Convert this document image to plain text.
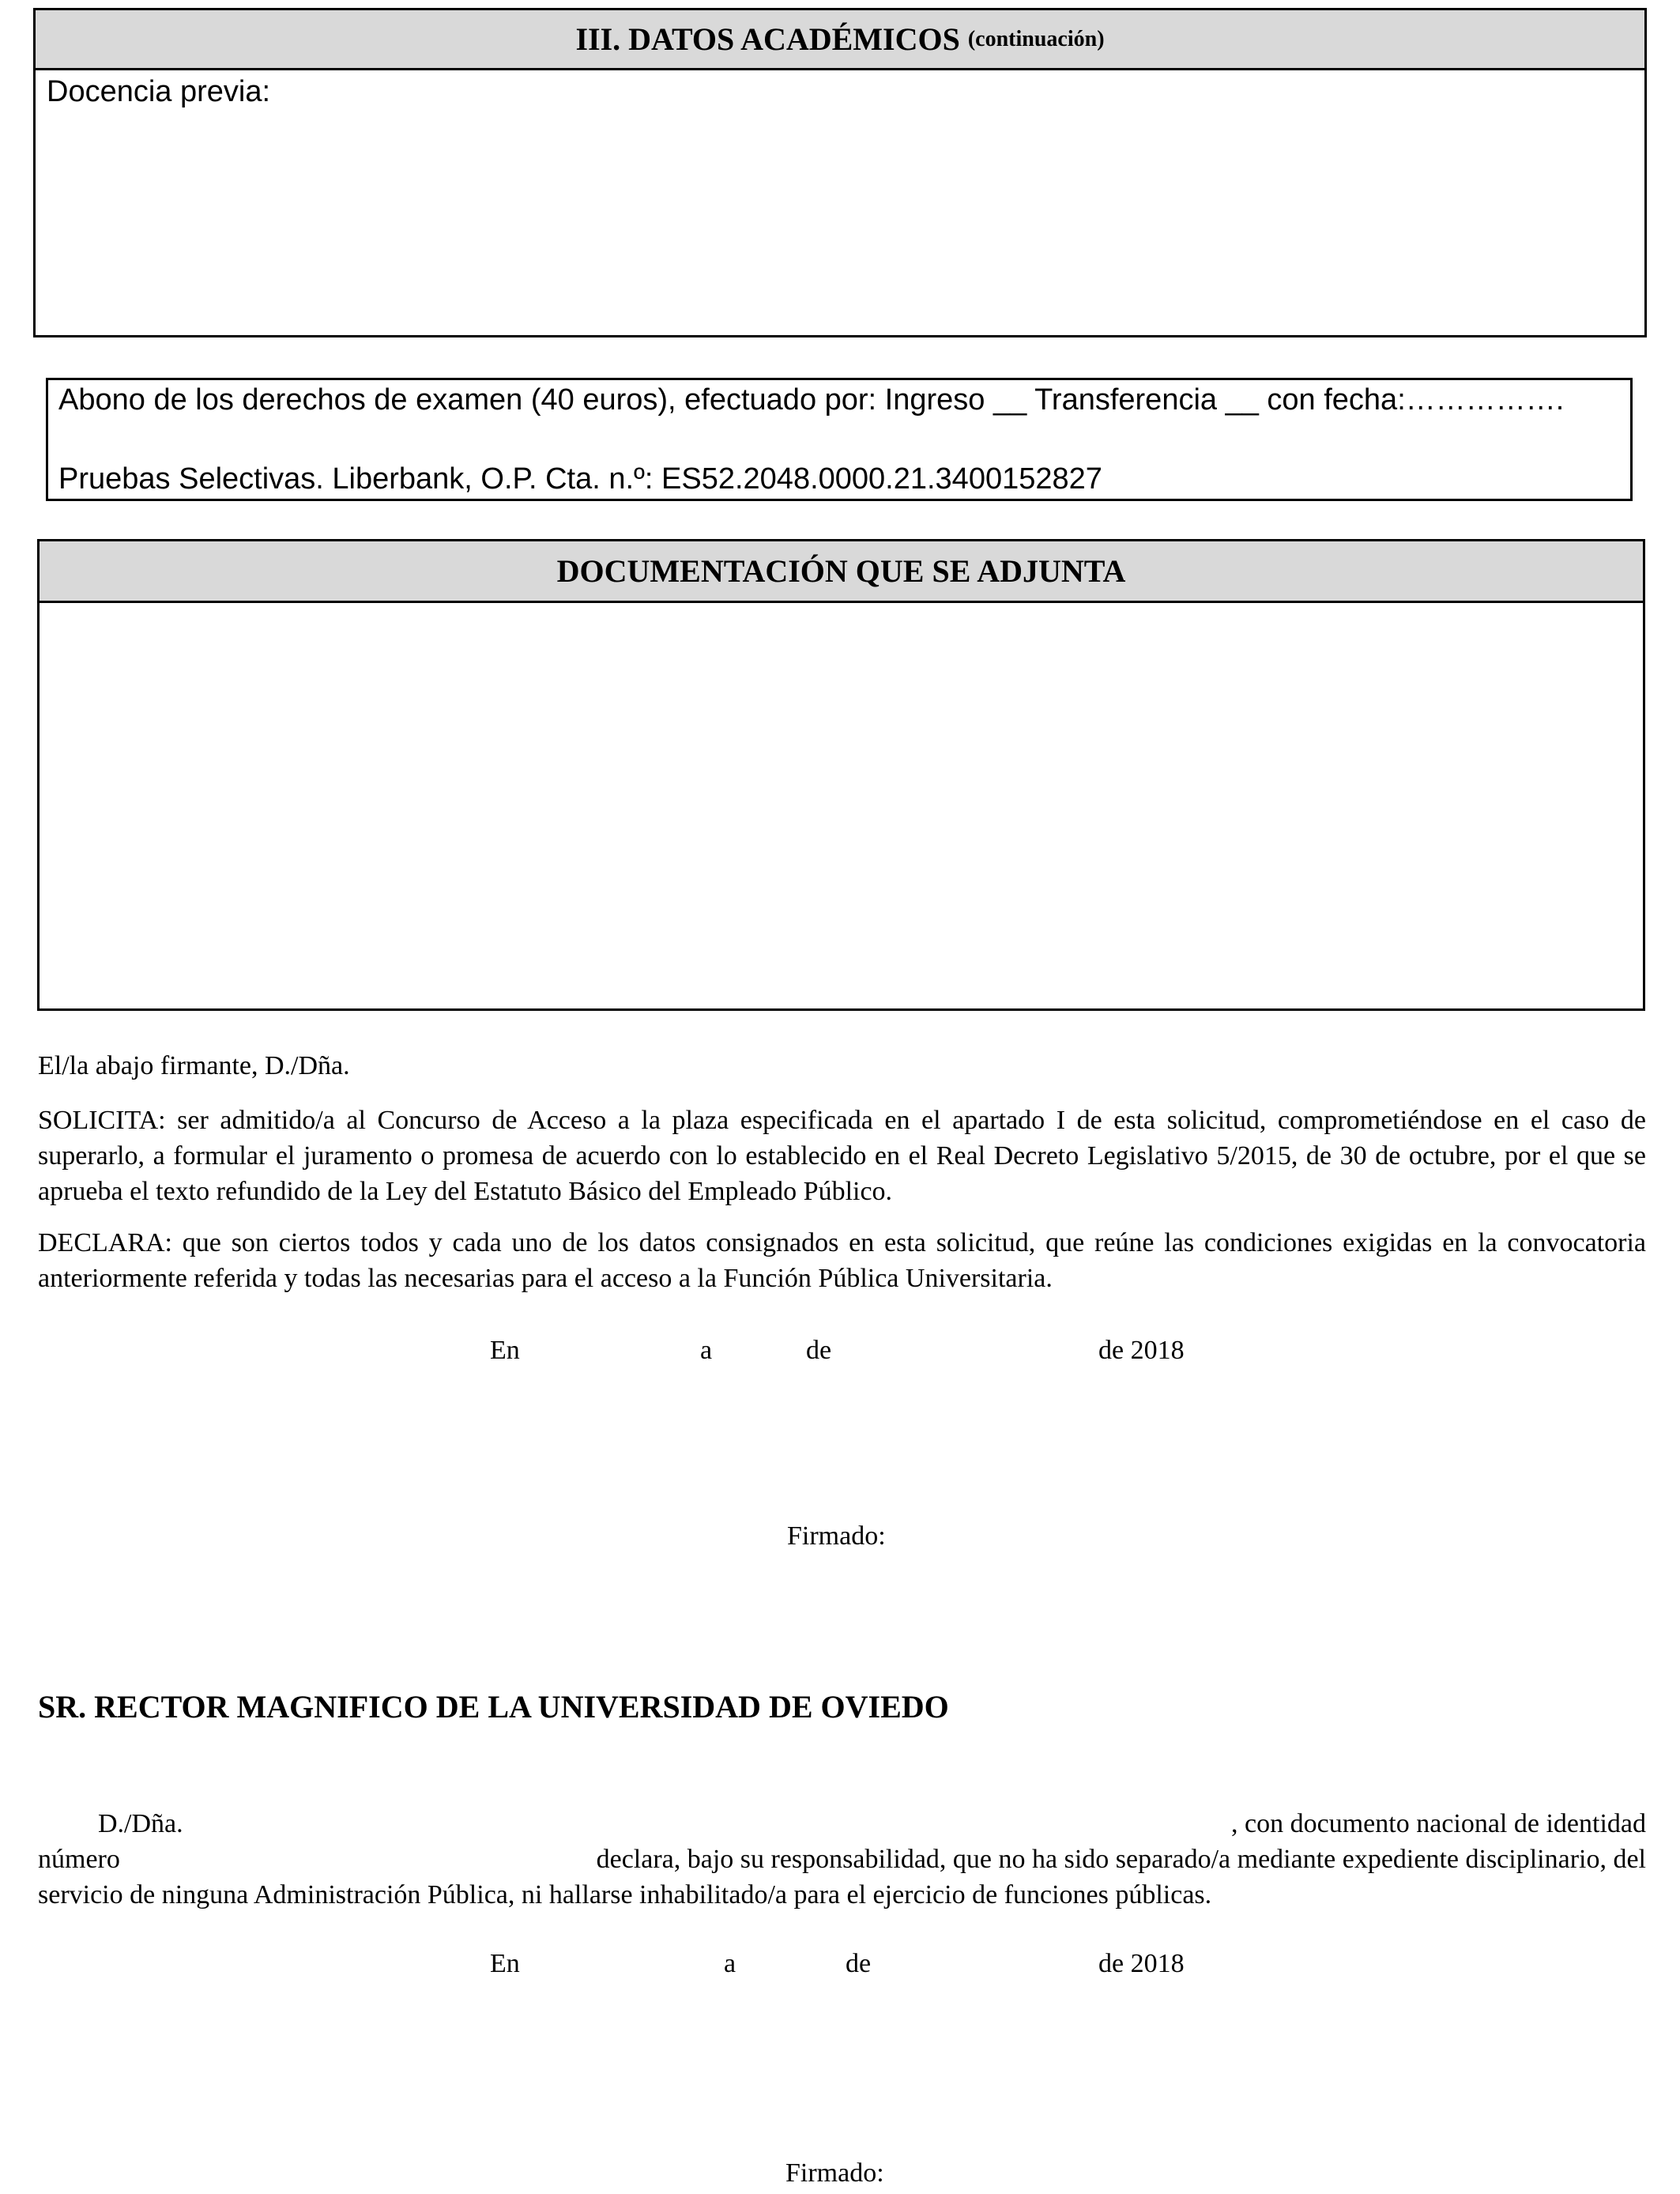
III. DATOS ACADÉMICOS (continuación)
Docencia previa:
Abono de los derechos de examen (40 euros), efectuado por: Ingreso __ Transferencia __ con fecha:…………….
Pruebas Selectivas. Liberbank, O.P. Cta. n.º: ES52.2048.0000.21.3400152827
DOCUMENTACIÓN QUE SE ADJUNTA
El/la abajo firmante, D./Dña.
SOLICITA: ser admitido/a al Concurso de Acceso a la plaza especificada en el apartado I de esta solicitud, comprometiéndose en el caso de superarlo, a formular el juramento o promesa de acuerdo con lo establecido en el Real Decreto Legislativo 5/2015, de 30 de octubre, por el que se aprueba el texto refundido de la Ley del Estatuto Básico del Empleado Público.
DECLARA: que son ciertos todos y cada uno de los datos consignados en esta solicitud, que reúne las condiciones exigidas en la convocatoria anteriormente referida y todas las necesarias para el acceso a la Función Pública Universitaria.
En	a	de	de 2018
Firmado:
SR. RECTOR MAGNIFICO DE LA UNIVERSIDAD DE OVIEDO
D./Dña.	, con documento nacional de identidad
número	declara, bajo su responsabilidad, que no ha sido separado/a mediante expediente disciplinario, del
servicio de ninguna Administración Pública, ni hallarse inhabilitado/a para el ejercicio de funciones públicas.
En	a	de	de 2018
Firmado:
